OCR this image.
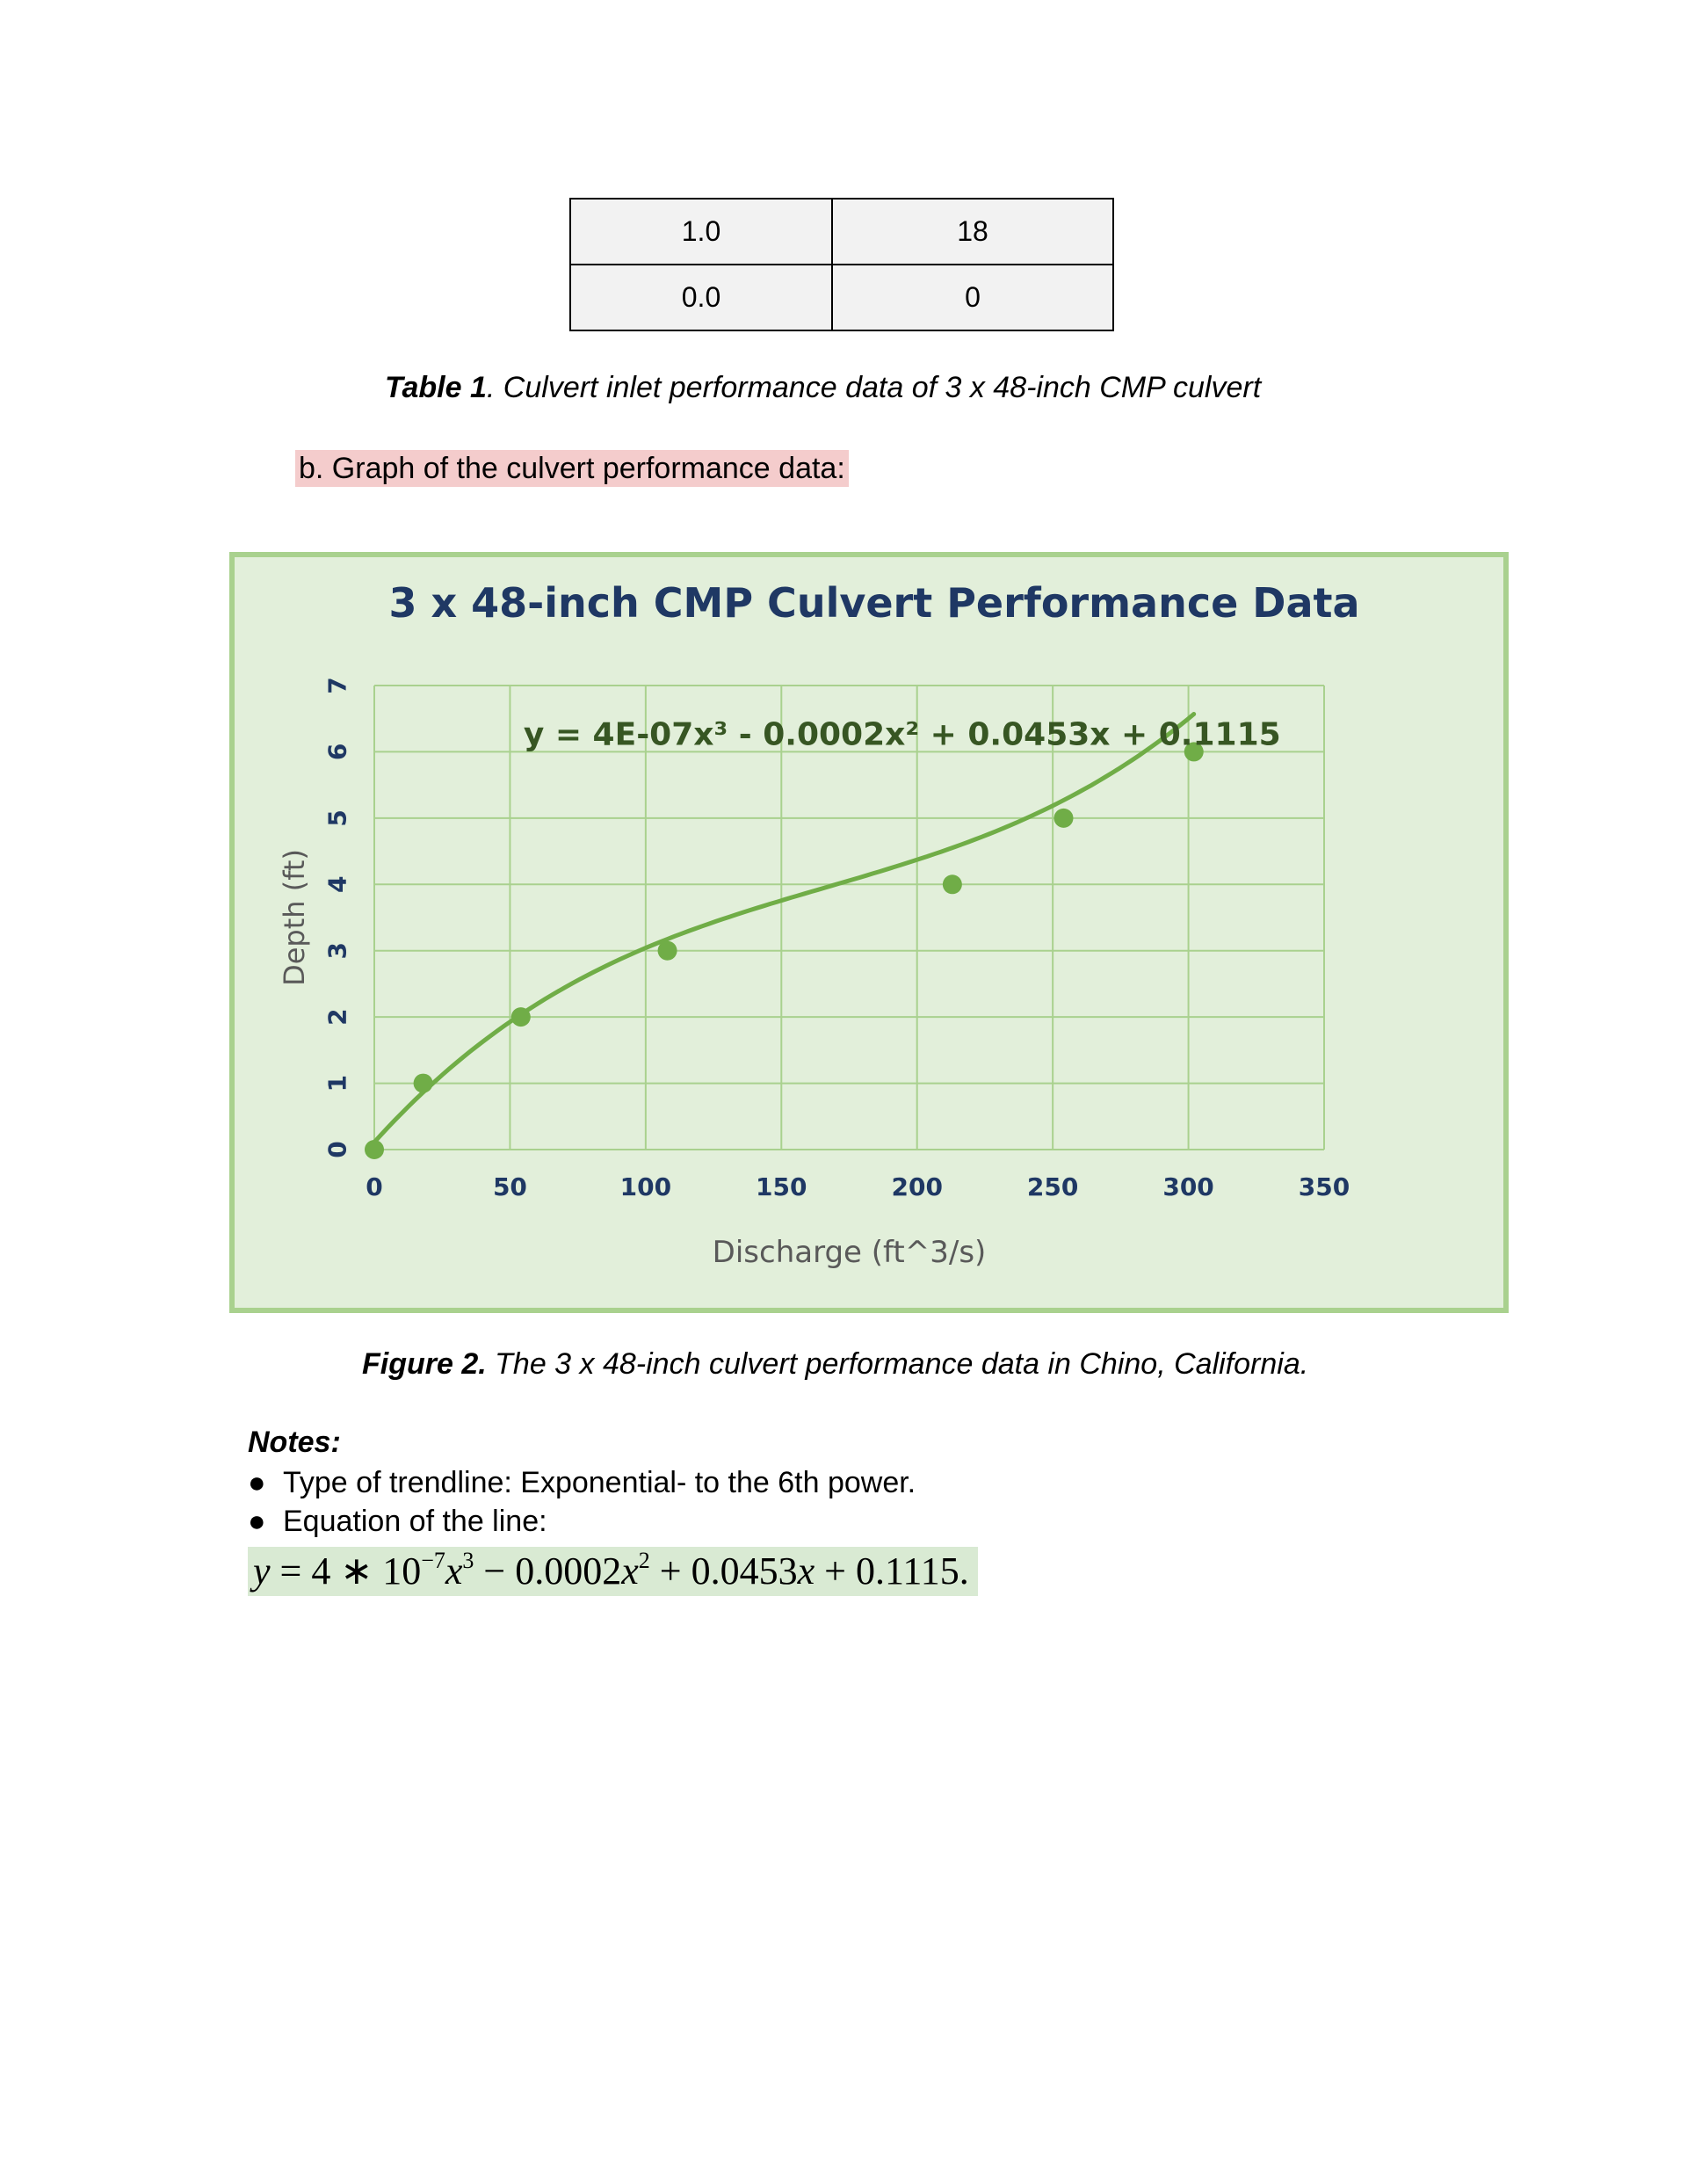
1.0	18
0.0	0
Table 1. Culvert inlet performance data of 3 x 48-inch CMP culvert
b. Graph of the culvert performance data:
3 x 48-inch CMP Culvert Performance Data
0
1
2
3
4
5
6
7
0	50	100	150	200	250	300	350
Depth (ft)
Discharge (ft^3/s)
y = 4E-07x³ - 0.0002x² + 0.0453x + 0.1115
Figure 2. The 3 x 48-inch culvert performance data in Chino, California.
Notes:
● Type of trendline: Exponential- to the 6th power.
● Equation of the line:
y = 4 ∗ $10^{-7}x^3 - 0.0002x^2 + 0.0453x + 0.1115$.
